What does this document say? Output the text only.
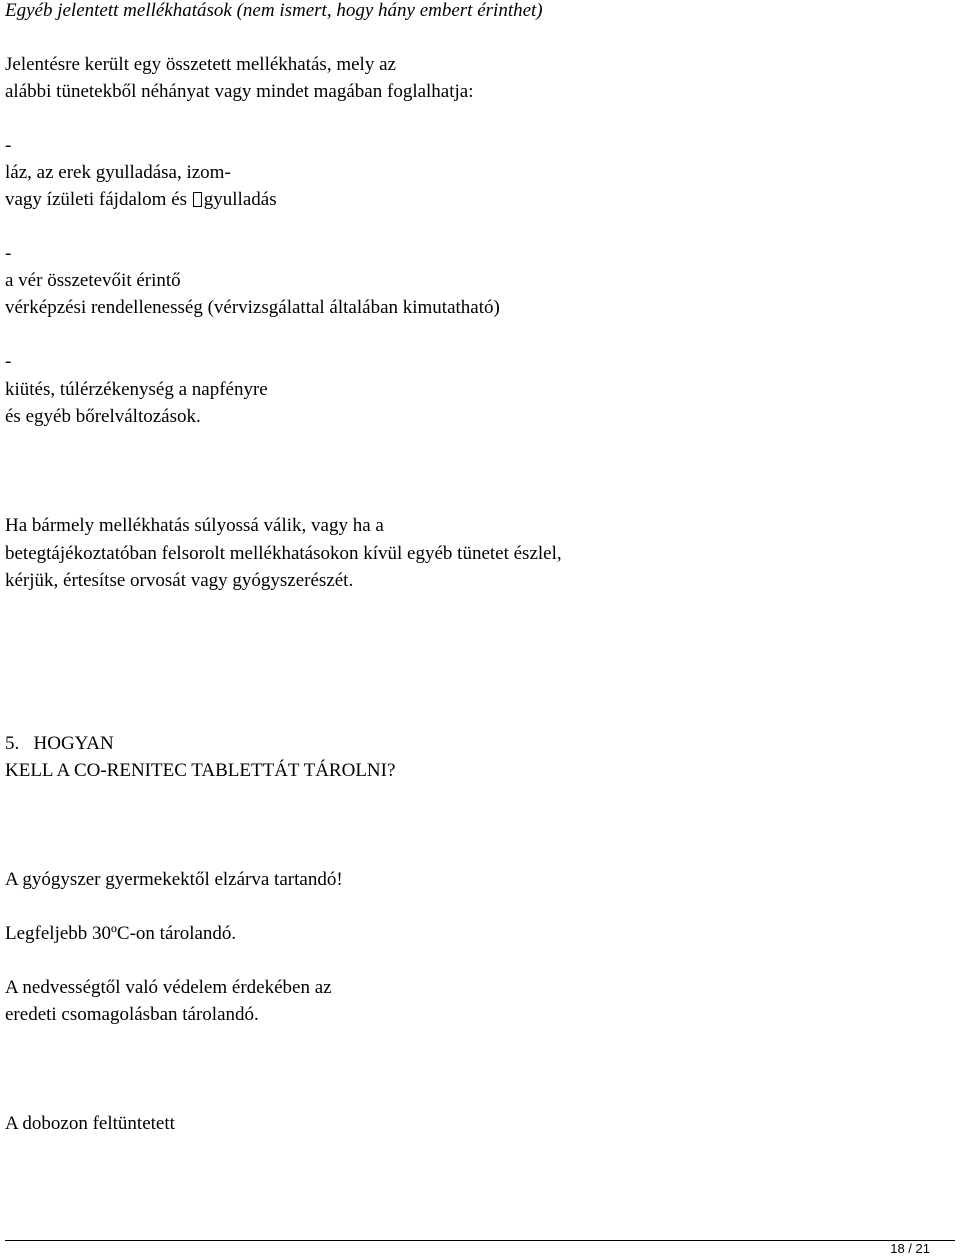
Egyéb jelentett mellékhatások (nem ismert, hogy hány embert érinthet)

Jelentésre került egy összetett mellékhatás, mely az

alábbi tünetekből néhányat vagy mindet magában foglalhatja:

-

láz, az erek gyulladása, izom-

vagy ízületi fájdalom és gyulladás

-

a vér összetevőit érintő

vérképzési rendellenesség (vérvizsgálattal általában kimutatható)

-

kiütés, túlérzékenység a napfényre

és egyéb bőrelváltozások.

Ha bármely mellékhatás súlyossá válik, vagy ha a

betegtájékoztatóban felsorolt mellékhatásokon kívül egyéb tünetet észlel,

kérjük, értesítse orvosát vagy gyógyszerészét.

5.   HOGYAN

KELL A CO-RENITEC TABLETTÁT TÁROLNI?

A gyógyszer gyermekektől elzárva tartandó!

Legfeljebb 30ºC-on tárolandó.

A nedvességtől való védelem érdekében az

eredeti csomagolásban tárolandó.

A dobozon feltüntetett

18 / 21
